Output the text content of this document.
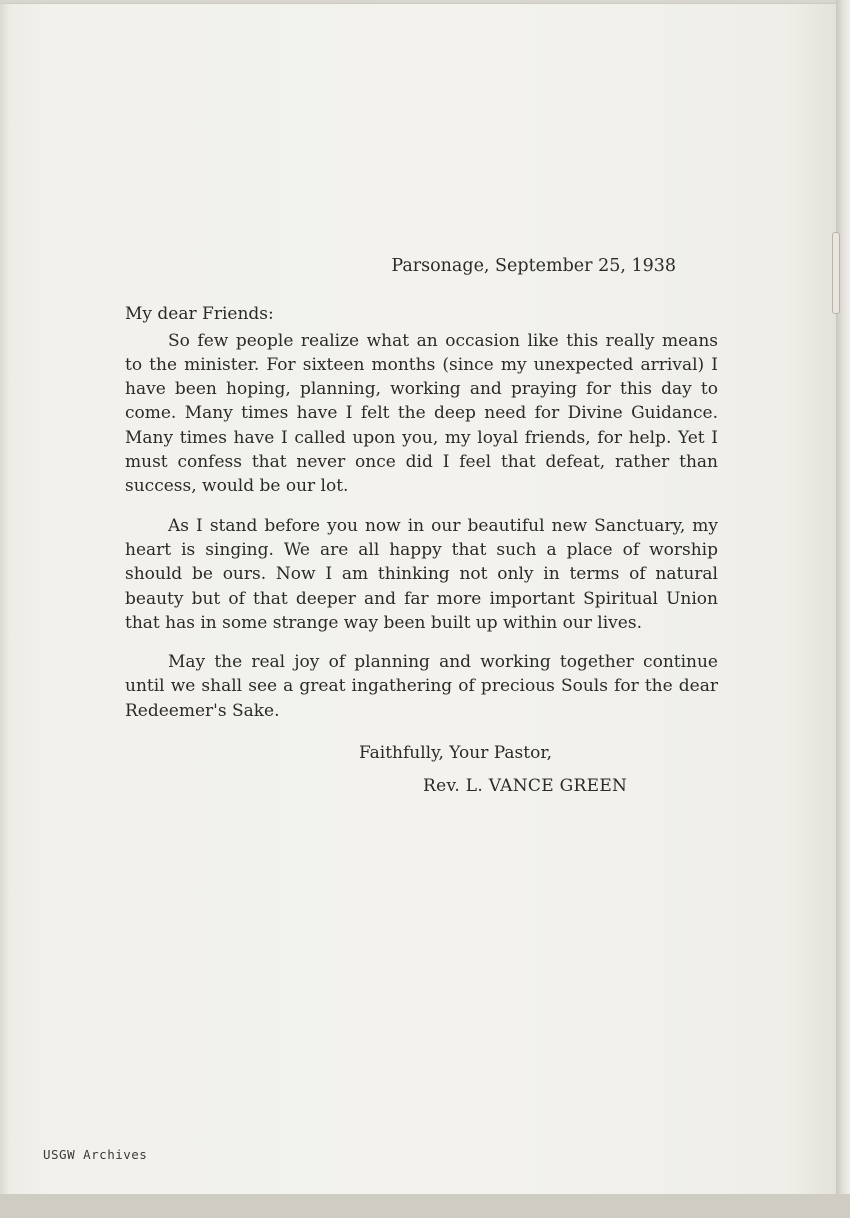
Parsonage, September 25, 1938

My dear Friends:

So few people realize what an occasion like this really means to the minister. For sixteen months (since my unexpected arrival) I have been hoping, planning, working and praying for this day to come. Many times have I felt the deep need for Divine Guidance. Many times have I called upon you, my loyal friends, for help. Yet I must confess that never once did I feel that defeat, rather than success, would be our lot.

As I stand before you now in our beautiful new Sanctuary, my heart is singing. We are all happy that such a place of worship should be ours. Now I am thinking not only in terms of natural beauty but of that deeper and far more important Spiritual Union that has in some strange way been built up within our lives.

May the real joy of planning and working together continue until we shall see a great ingathering of precious Souls for the dear Redeemer's Sake.

Faithfully, Your Pastor,
Rev. L. VANCE GREEN
USGW Archives
